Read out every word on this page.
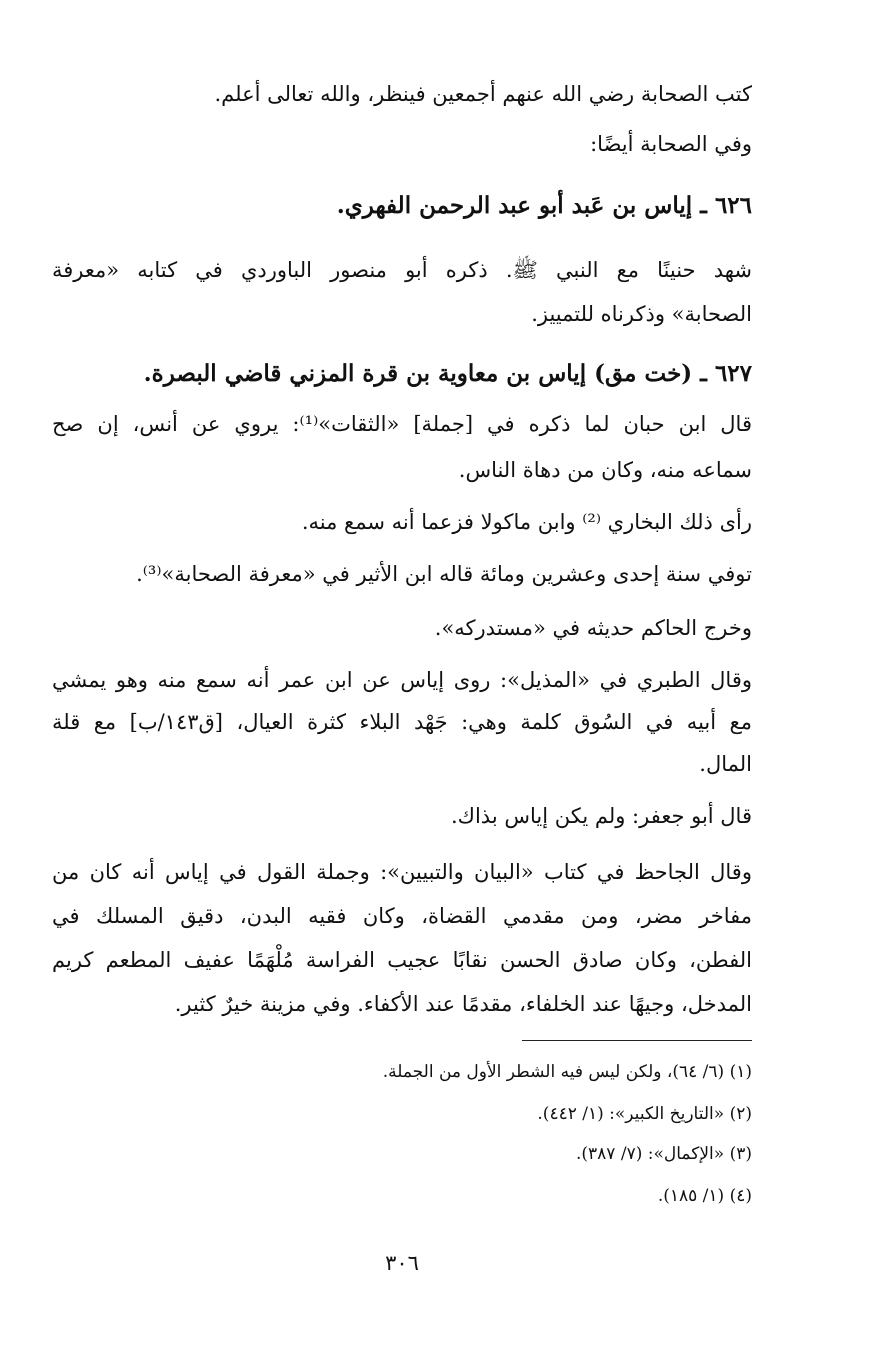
كتب الصحابة رضي الله عنهم أجمعين فينظر، والله تعالى أعلم.
وفي الصحابة أيضًا:
٦٢٦ ـ إياس بن عَبد أبو عبد الرحمن الفهري.
شهد حنينًا مع النبي ﷺ. ذكره أبو منصور الباوردي في كتابه «معرفة
الصحابة» وذكرناه للتمييز.
٦٢٧ ـ (خت مق) إياس بن معاوية بن قرة المزني قاضي البصرة.
قال ابن حبان لما ذكره في [جملة] «الثقات»⁽¹⁾: يروي عن أنس، إن صح
سماعه منه، وكان من دهاة الناس.
رأى ذلك البخاري ⁽²⁾ وابن ماكولا فزعما أنه سمع منه.
توفي سنة إحدى وعشرين ومائة قاله ابن الأثير في «معرفة الصحابة»⁽³⁾.
وخرج الحاكم حديثه في «مستدركه».
وقال الطبري في «المذيل»: روى إياس عن ابن عمر أنه سمع منه وهو يمشي
مع أبيه في السُوق كلمة وهي: جَهْد البلاء كثرة العيال، [ق١٤٣/ب] مع قلة
المال.
قال أبو جعفر: ولم يكن إياس بذاك.
وقال الجاحظ في كتاب «البيان والتبيين»: وجملة القول في إياس أنه كان من
مفاخر مضر، ومن مقدمي القضاة، وكان فقيه البدن، دقيق المسلك في
الفطن، وكان صادق الحسن نقابًا عجيب الفراسة مُلْهَمًا عفيف المطعم كريم
المدخل، وجيهًا عند الخلفاء، مقدمًا عند الأكفاء. وفي مزينة خيرٌ كثير.
(١) (٦/ ٦٤)، ولكن ليس فيه الشطر الأول من الجملة.
(٢) «التاريخ الكبير»: (١/ ٤٤٢).
(٣) «الإكمال»: (٧/ ٣٨٧).
(٤) (١/ ١٨٥).
٣٠٦
